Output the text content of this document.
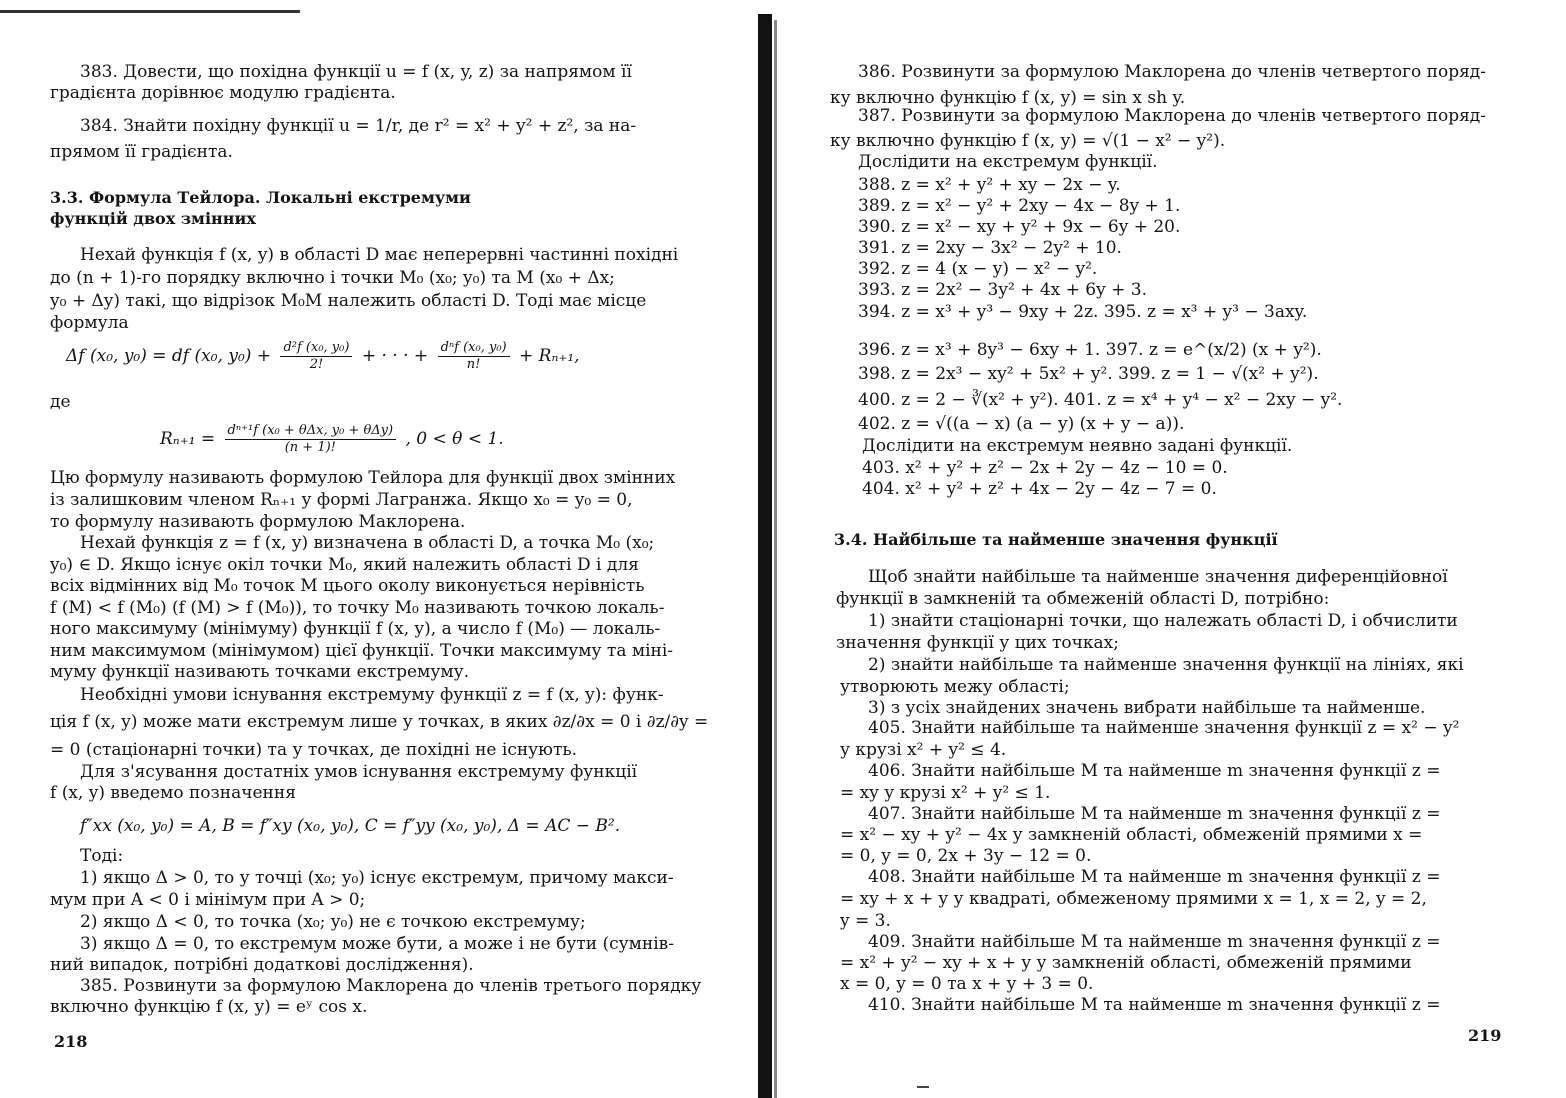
383. Довести, що похідна функції u = f (x, y, z) за напрямом її
градієнта дорівнює модулю градієнта.
384. Знайти похідну функції u = 1/r, де r² = x² + y² + z², за на-
прямом її градієнта.
3.3. Формула Тейлора. Локальні екстремуми
функцій двох змінних
Нехай функція f (x, y) в області D має неперервні частинні похідні
до (n + 1)-го порядку включно і точки M₀ (x₀; y₀) та M (x₀ + Δx;
y₀ + Δy) такі, що відрізок M₀M належить області D. Тоді має місце
формула
Δf (x₀, y₀) = df (x₀, $y_0) + \frac{\text{d²f (x₀, y₀)}}{2!}$ + · · · + $\frac{\text{dⁿf (x₀, y₀)}}{n!} + R_{n+1}$,
де
$R_{n+1} = \frac{\text{dⁿ⁺¹f (x₀ + θΔx, y₀ + θΔy)}}{(n + 1)!}$ , 0 < θ < 1.
Цю формулу називають формулою Тейлора для функції двох змінних
із залишковим членом Rₙ₊₁ у формі Лагранжа. Якщо x₀ = y₀ = 0,
то формулу називають формулою Маклорена.
Нехай функція z = f (x, y) визначена в області D, а точка M₀ (x₀;
y₀) ∈ D. Якщо існує окіл точки M₀, який належить області D і для
всіх відмінних від M₀ точок M цього околу виконується нерівність
f (M) < f (M₀) (f (M) > f (M₀)), то точку M₀ називають точкою локаль-
ного максимуму (мінімуму) функції f (x, y), а число f (M₀) — локаль-
ним максимумом (мінімумом) цієї функції. Точки максимуму та міні-
муму функції називають точками екстремуму.
Необхідні умови існування екстремуму функції z = f (x, y): функ-
ція f (x, y) може мати екстремум лише у точках, в яких ∂z/∂x = 0 і ∂z/∂y =
= 0 (стаціонарні точки) та у точках, де похідні не існують.
Для з'ясування достатніх умов існування екстремуму функції
f (x, y) введемо позначення
f″xx (x₀, y₀) = A, B = f″xy (x₀, y₀), C = f″yy (x₀, y₀), Δ = AC − B².
Тоді:
1) якщо Δ > 0, то у точці (x₀; y₀) існує екстремум, причому макси-
мум при A < 0 і мінімум при A > 0;
2) якщо Δ < 0, то точка (x₀; y₀) не є точкою екстремуму;
3) якщо Δ = 0, то екстремум може бути, а може і не бути (сумнів-
ний випадок, потрібні додаткові дослідження).
385. Розвинути за формулою Маклорена до членів третього порядку
включно функцію f (x, y) = eʸ cos x.
218
386. Розвинути за формулою Маклорена до членів четвертого поряд-
ку включно функцію f (x, y) = sin x sh y.
387. Розвинути за формулою Маклорена до членів четвертого поряд-
ку включно функцію f (x, y) = √(1 − x² − y²).
Дослідити на екстремум функції.
388. z = x² + y² + xy − 2x − y.
389. z = x² − y² + 2xy − 4x − 8y + 1.
390. z = x² − xy + y² + 9x − 6y + 20.
391. z = 2xy − 3x² − 2y² + 10.
392. z = 4 (x − y) − x² − y².
393. z = 2x² − 3y² + 4x + 6y + 3.
394. z = x³ + y³ − 9xy + 2z. 395. z = x³ + y³ − 3axy.
396. z = x³ + 8y³ − 6xy + 1. 397. z = e^(x/2) (x + y²).
398. z = 2x³ − xy² + 5x² + y². 399. z = 1 − √(x² + y²).
400. z = 2 − ∛(x² + y²). 401. z = x⁴ + y⁴ − x² − 2xy − y².
402. z = √((a − x) (a − y) (x + y − a)).
Дослідити на екстремум неявно задані функції.
403. x² + y² + z² − 2x + 2y − 4z − 10 = 0.
404. x² + y² + z² + 4x − 2y − 4z − 7 = 0.
3.4. Найбільше та найменше значення функції
Щоб знайти найбільше та найменше значення диференційовної
функції в замкненій та обмеженій області D, потрібно:
1) знайти стаціонарні точки, що належать області D, і обчислити
значення функції у цих точках;
2) знайти найбільше та найменше значення функції на лініях, які
утворюють межу області;
3) з усіх знайдених значень вибрати найбільше та найменше.
405. Знайти найбільше та найменше значення функції z = x² − y²
у крузі x² + y² ≤ 4.
406. Знайти найбільше M та найменше m значення функції z =
= xy у крузі x² + y² ≤ 1.
407. Знайти найбільше M та найменше m значення функції z =
= x² − xy + y² − 4x у замкненій області, обмеженій прямими x =
= 0, y = 0, 2x + 3y − 12 = 0.
408. Знайти найбільше M та найменше m значення функції z =
= xy + x + y у квадраті, обмеженому прямими x = 1, x = 2, y = 2,
y = 3.
409. Знайти найбільше M та найменше m значення функції z =
= x² + y² − xy + x + y у замкненій області, обмеженій прямими
x = 0, y = 0 та x + y + 3 = 0.
410. Знайти найбільше M та найменше m значення функції z =
219
